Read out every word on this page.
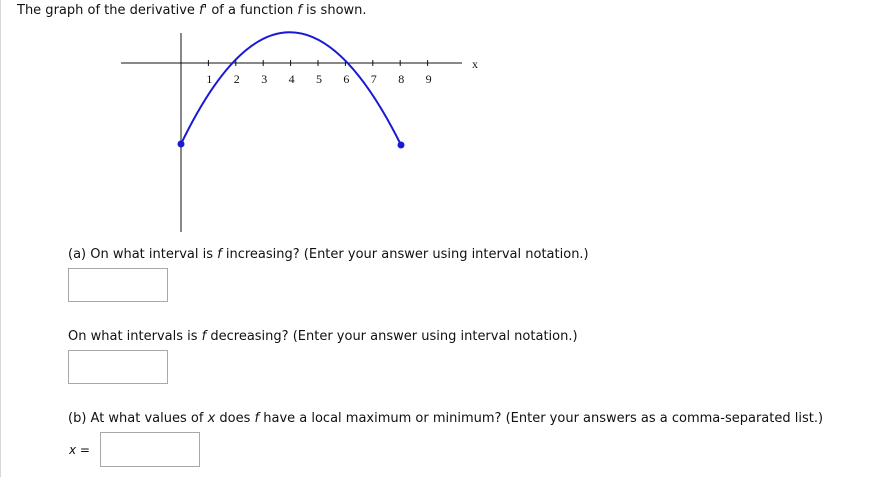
The graph of the derivative f' of a function f is shown.
x
1 2 3 4 5 6 7 8 9
(a) On what interval is f increasing? (Enter your answer using interval notation.)
On what intervals is f decreasing? (Enter your answer using interval notation.)
(b) At what values of x does f have a local maximum or minimum? (Enter your answers as a comma-separated list.)
x =
